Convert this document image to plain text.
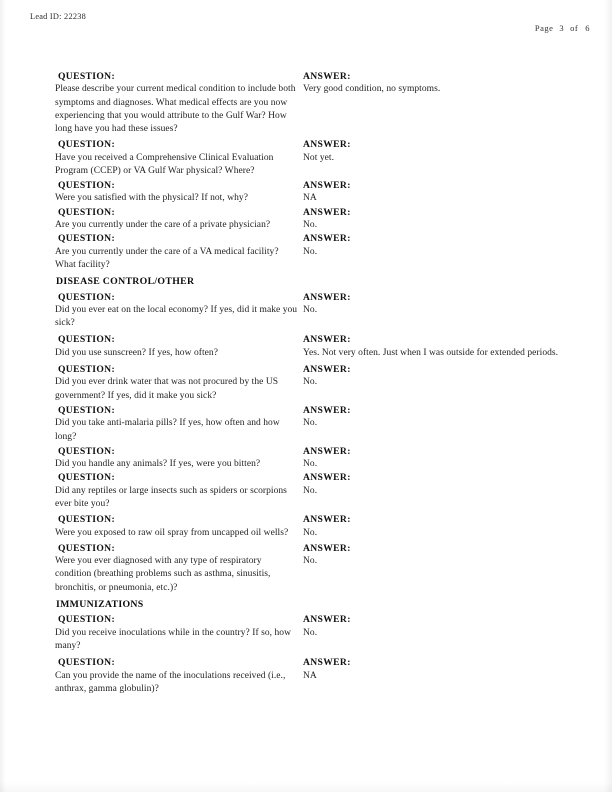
Lead ID: 22238

Page 3 of 6

QUESTION:	ANSWER:
Please describe your current medical condition to include both symptoms and diagnoses. What medical effects are you now experiencing that you would attribute to the Gulf War? How long have you had these issues?
Very good condition, no symptoms.
QUESTION:	ANSWER:
Have you received a Comprehensive Clinical Evaluation Program (CCEP) or VA Gulf War physical? Where?
Not yet.
QUESTION:	ANSWER:
Were you satisfied with the physical? If not, why?	NA
QUESTION:	ANSWER:
Are you currently under the care of a private physician?	No.
QUESTION:	ANSWER:
Are you currently under the care of a VA medical facility? What facility?
No.
DISEASE CONTROL/OTHER
QUESTION:	ANSWER:
Did you ever eat on the local economy? If yes, did it make you sick?
No.
QUESTION:	ANSWER:
Did you use sunscreen? If yes, how often?	Yes. Not very often. Just when I was outside for extended periods.
QUESTION:	ANSWER:
Did you ever drink water that was not procured by the US government? If yes, did it make you sick?
No.
QUESTION:	ANSWER:
Did you take anti-malaria pills? If yes, how often and how long?
No.
QUESTION:	ANSWER:
Did you handle any animals? If yes, were you bitten?	No.
QUESTION:	ANSWER:
Did any reptiles or large insects such as spiders or scorpions ever bite you?
No.
QUESTION:	ANSWER:
Were you exposed to raw oil spray from uncapped oil wells?	No.
QUESTION:	ANSWER:
Were you ever diagnosed with any type of respiratory condition (breathing problems such as asthma, sinusitis, bronchitis, or pneumonia, etc.)?
No.
IMMUNIZATIONS
QUESTION:	ANSWER:
Did you receive inoculations while in the country? If so, how many?
No.
QUESTION:	ANSWER:
Can you provide the name of the inoculations received (i.e., anthrax, gamma globulin)?
NA
